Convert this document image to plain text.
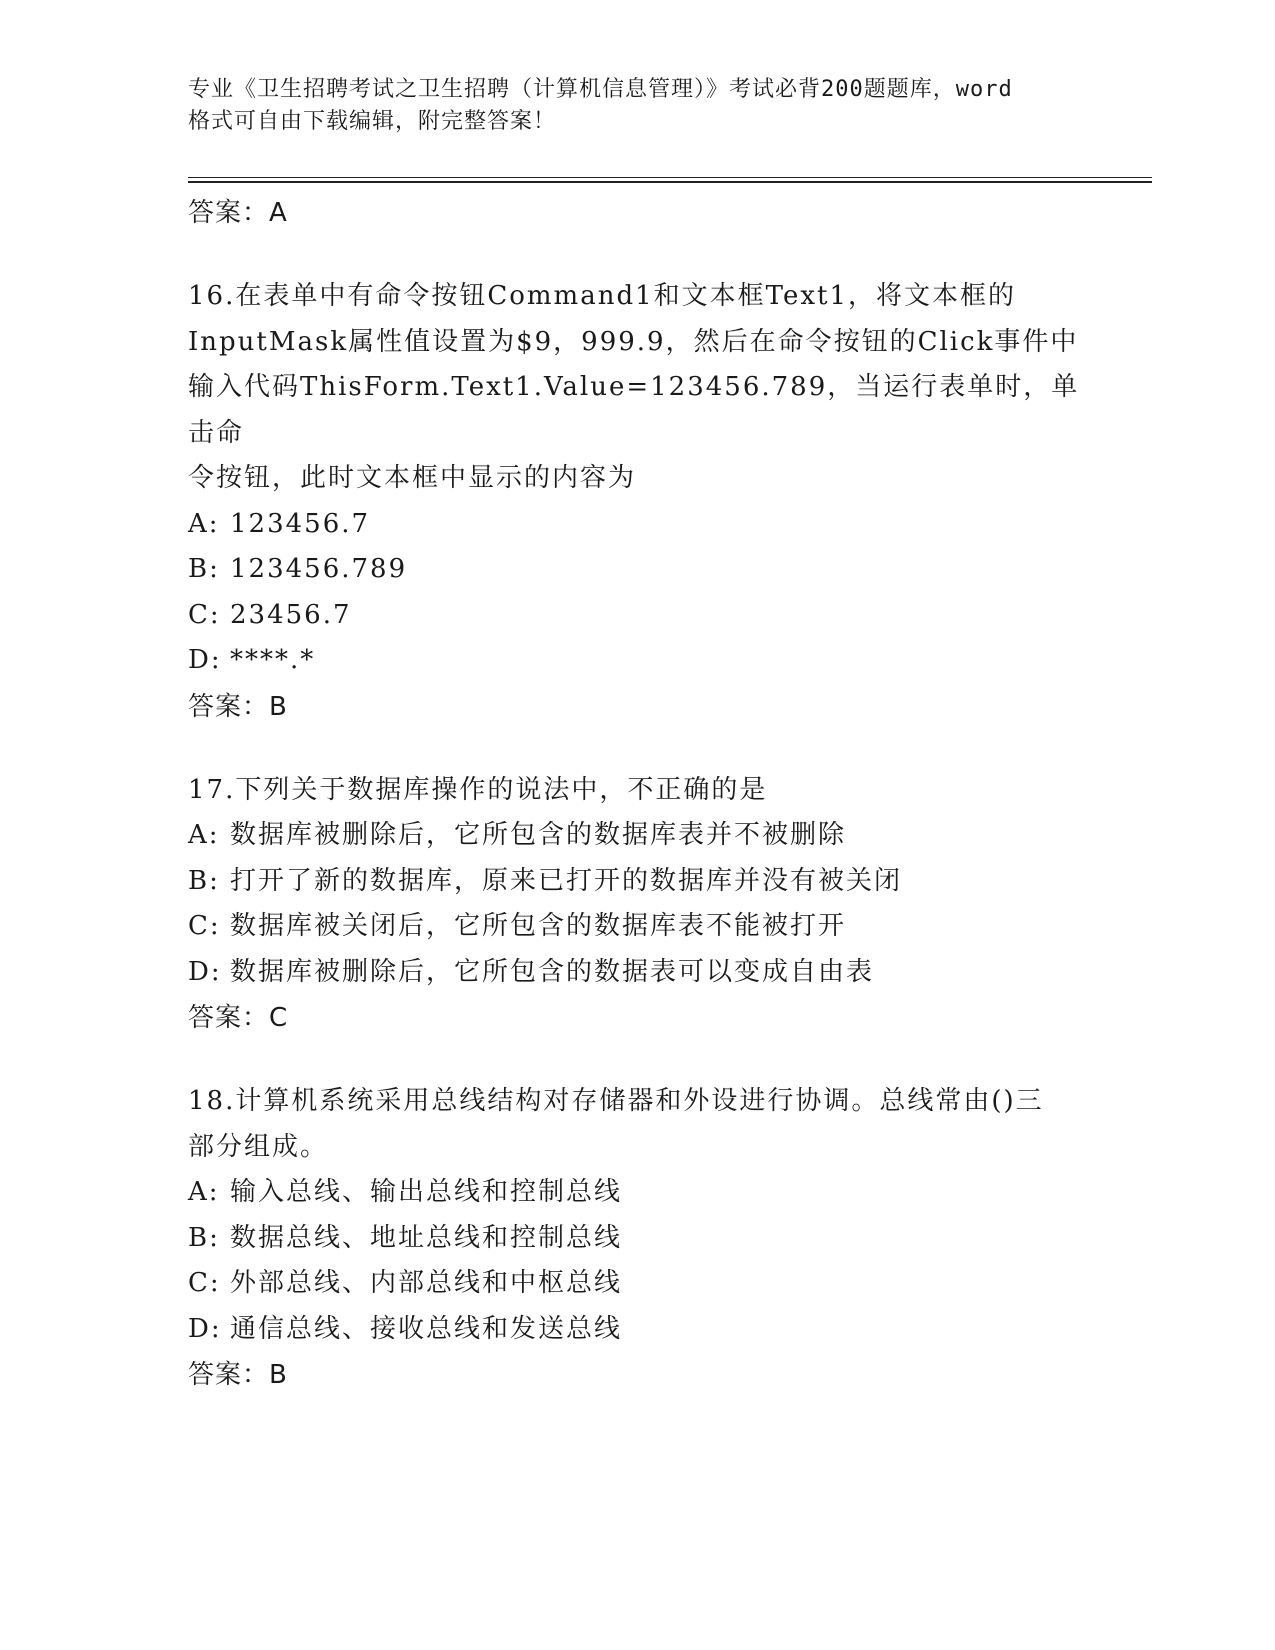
专业《卫生招聘考试之卫生招聘（计算机信息管理）》考试必背200题题库，word
格式可自由下载编辑，附完整答案！
答案：A
16.在表单中有命令按钮Command1和文本框Text1，将文本框的
InputMask属性值设置为$9，999.9，然后在命令按钮的Click事件中
输入代码ThisForm.Text1.Value=123456.789，当运行表单时，单击命
令按钮，此时文本框中显示的内容为
A: 123456.7
B: 123456.789
C: 23456.7
D: ****.*
答案：B
17.下列关于数据库操作的说法中，不正确的是
A: 数据库被删除后，它所包含的数据库表并不被删除
B: 打开了新的数据库，原来已打开的数据库并没有被关闭
C: 数据库被关闭后，它所包含的数据库表不能被打开
D: 数据库被删除后，它所包含的数据表可以变成自由表
答案：C
18.计算机系统采用总线结构对存储器和外设进行协调。总线常由()三
部分组成。
A: 输入总线、输出总线和控制总线
B: 数据总线、地址总线和控制总线
C: 外部总线、内部总线和中枢总线
D: 通信总线、接收总线和发送总线
答案：B
